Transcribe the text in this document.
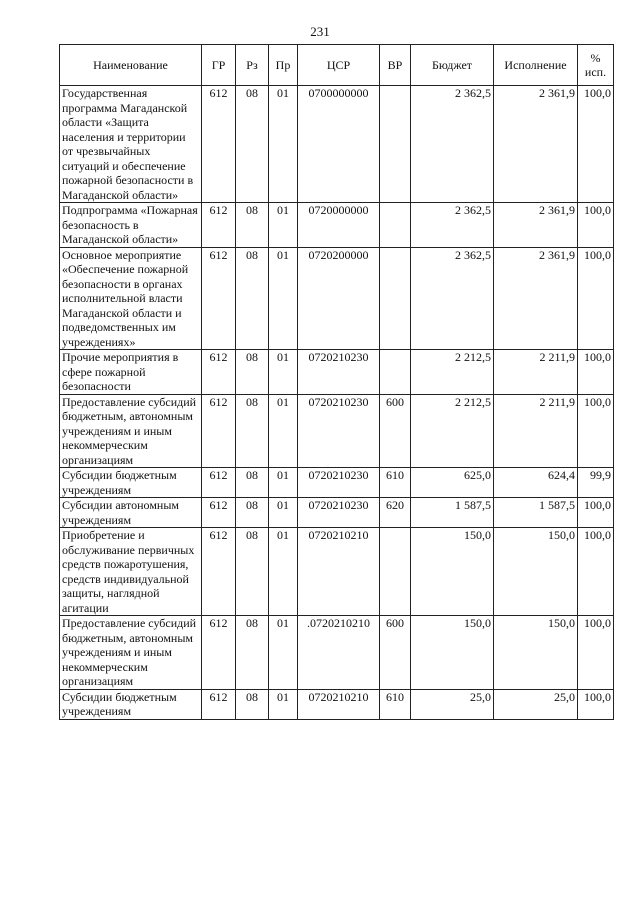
231
Наименование	ГР	Рз	Пр	ЦСР	ВР	Бюджет	Исполнение	%
исп.

Государственная программа Магаданской области «Защита населения и территории от чрезвычайных ситуаций и обеспечение пожарной безопасности в Магаданской области»	612	08	01	0700000000		2 362,5	2 361,9	100,0
Подпрограмма «Пожарная безопасность в Магаданской области»	612	08	01	0720000000		2 362,5	2 361,9	100,0
Основное мероприятие «Обеспечение пожарной безопасности в органах исполнительной власти Магаданской области и подведомственных им учреждениях»	612	08	01	0720200000		2 362,5	2 361,9	100,0
Прочие мероприятия в сфере пожарной безопасности	612	08	01	0720210230		2 212,5	2 211,9	100,0
Предоставление субсидий бюджетным, автономным учреждениям и иным некоммерческим организациям	612	08	01	0720210230	600	2 212,5	2 211,9	100,0
Субсидии бюджетным учреждениям	612	08	01	0720210230	610	625,0	624,4	99,9
Субсидии автономным учреждениям	612	08	01	0720210230	620	1 587,5	1 587,5	100,0
Приобретение и обслуживание первичных средств пожаротушения, средств индивидуальной защиты, наглядной агитации	612	08	01	0720210210		150,0	150,0	100,0
Предоставление субсидий бюджетным, автономным учреждениям и иным некоммерческим организациям	612	08	01	.0720210210	600	150,0	150,0	100,0
Субсидии бюджетным учреждениям	612	08	01	0720210210	610	25,0	25,0	100,0
